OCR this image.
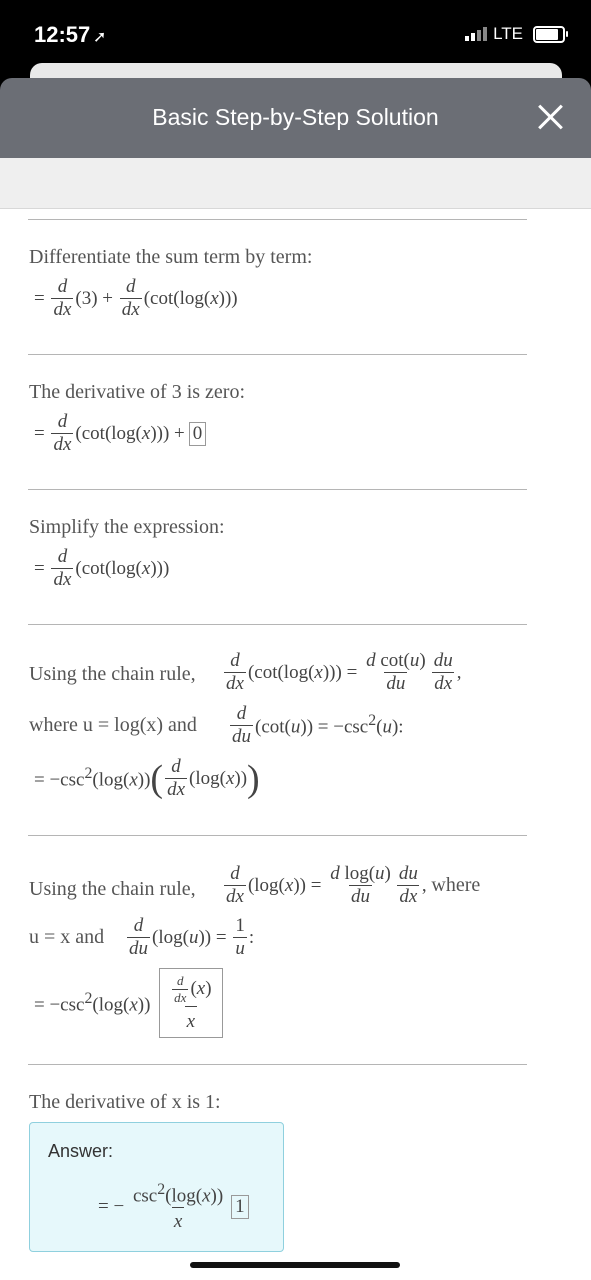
12:57 ➚	LTE
Basic Step-by-Step Solution
Differentiate the sum term by term:
= $\frac{d}{dx} (3) + \frac{d}{dx} (\cot(\log(x)))$
The derivative of 3 is zero:
= $\frac{d}{dx} (\cot(\log(x))) + 0$
Simplify the expression:
= $\frac{d}{dx} (\cot(\log(x)))$
Using the chain rule, $\frac{d}{dx} (\cot(\log(x))) = \frac{\text{d cot(u)}}{du} \frac{du}{dx}$ ,
where u = log(x) and $\frac{d}{du} (\cot(u)) = -\csc^2(u)$:
= $-\csc^2(\log(x))$ ( $\frac{d}{dx} (\log(x))$ )
Using the chain rule, $\frac{d}{dx} (\log(x)) = \frac{\text{d log(u)}}{du} \frac{du}{dx}$ , where
u = x and $\frac{d}{du} (\log(u)) = \frac{1}{u}$ :
= $-\csc^2(\log(x)) \frac{\frac{d}{dx} (x)}{x}$
The derivative of x is 1:
Answer:
= − $\frac{\csc^2(\log(x))}{x} 1$
